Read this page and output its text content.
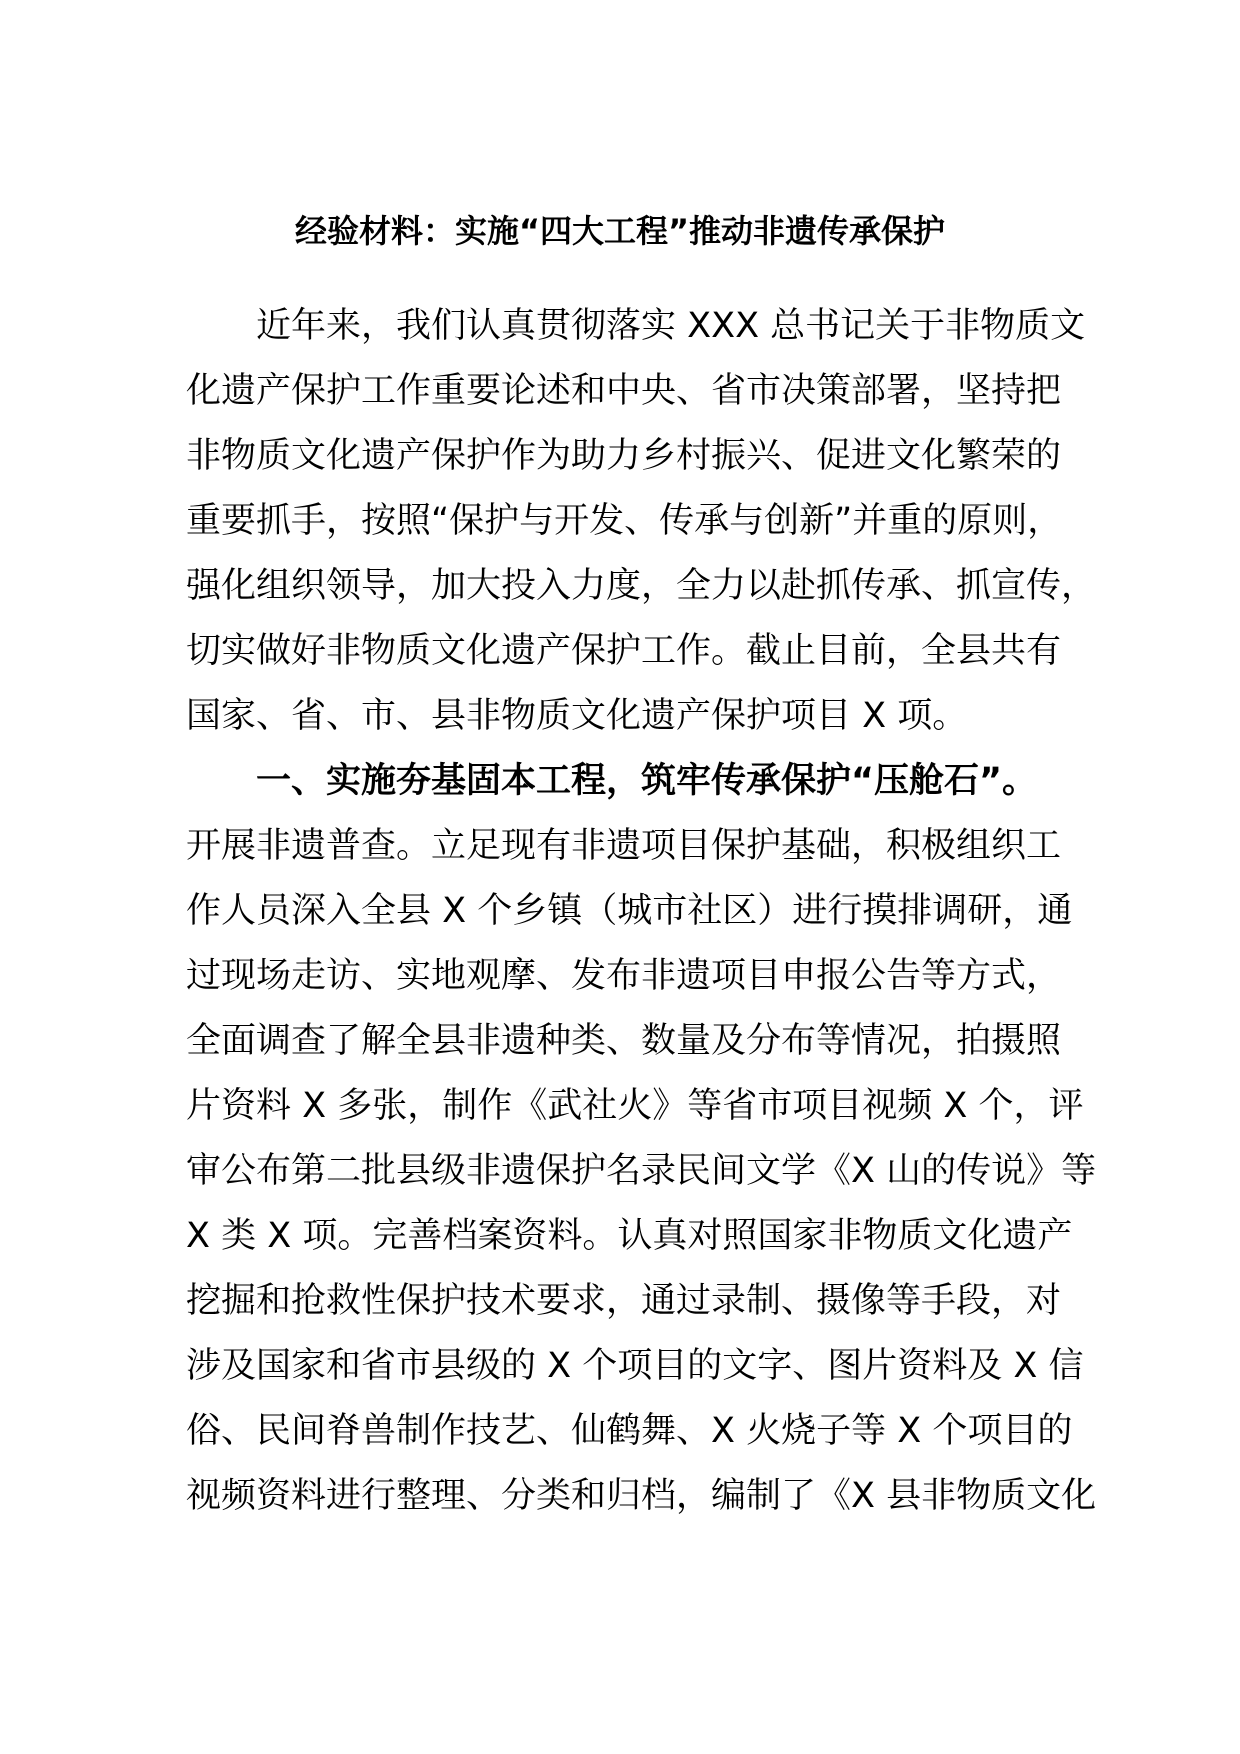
经验材料：实施“四大工程”推动非遗传承保护
近年来，我们认真贯彻落实 XXX 总书记关于非物质文
化遗产保护工作重要论述和中央、省市决策部署，坚持把
非物质文化遗产保护作为助力乡村振兴、促进文化繁荣的
重要抓手，按照“保护与开发、传承与创新”并重的原则，
强化组织领导，加大投入力度，全力以赴抓传承、抓宣传，
切实做好非物质文化遗产保护工作。截止目前，全县共有
国家、省、市、县非物质文化遗产保护项目 X 项。
一、实施夯基固本工程，筑牢传承保护“压舱石”。
开展非遗普查。立足现有非遗项目保护基础，积极组织工
作人员深入全县 X 个乡镇（城市社区）进行摸排调研，通
过现场走访、实地观摩、发布非遗项目申报公告等方式，
全面调查了解全县非遗种类、数量及分布等情况，拍摄照
片资料 X 多张，制作《武社火》等省市项目视频 X 个，评
审公布第二批县级非遗保护名录民间文学《X 山的传说》等
X 类 X 项。完善档案资料。认真对照国家非物质文化遗产
挖掘和抢救性保护技术要求，通过录制、摄像等手段，对
涉及国家和省市县级的 X 个项目的文字、图片资料及 X 信
俗、民间脊兽制作技艺、仙鹤舞、X 火烧子等 X 个项目的
视频资料进行整理、分类和归档，编制了《X 县非物质文化
